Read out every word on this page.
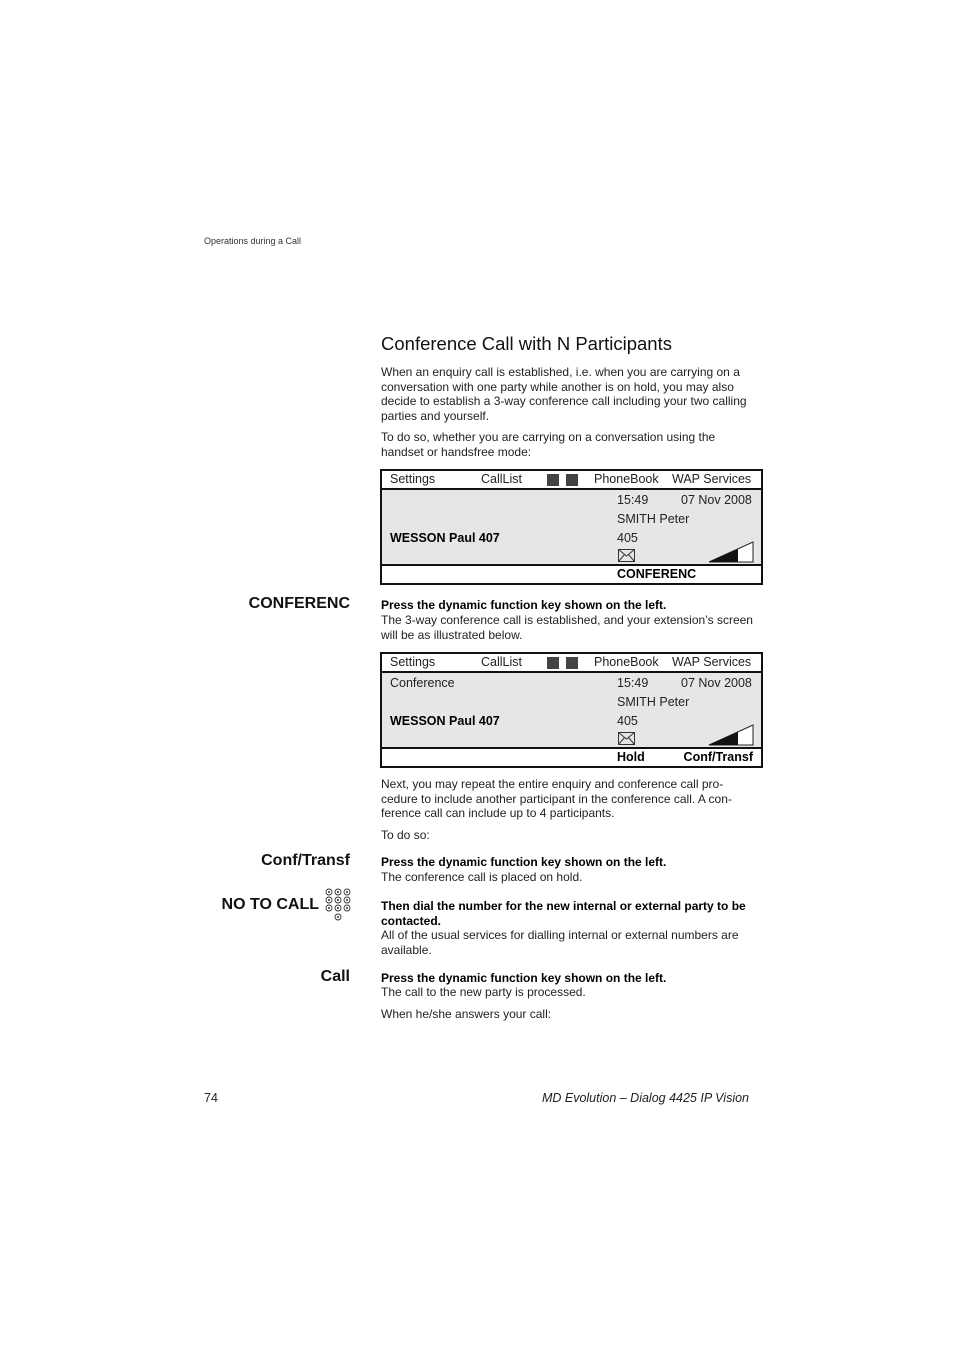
Operations during a Call
Conference Call with N Participants

When an enquiry call is established, i.e. when you are carrying on a conversation with one party while another is on hold, you may also decide to establish a 3-way conference call including your two calling parties and yourself.

To do so, whether you are carrying on a conversation using the handset or handsfree mode:

Settings	CallList	PhoneBook WAP Services
15:49	07 Nov 2008
SMITH Peter
WESSON Paul 407	405
CONFERENC
CONFERENC	Press the dynamic function key shown on the left.

The 3-way conference call is established, and your extension’s screen will be as illustrated below.

Settings	CallList	PhoneBook WAP Services
Conference	15:49	07 Nov 2008
SMITH Peter
WESSON Paul 407	405
Hold	Conf/Transf

Next, you may repeat the entire enquiry and conference call pro-cedure to include another participant in the conference call. A con-ference call can include up to 4 participants.

To do so:

Conf/Transf	Press the dynamic function key shown on the left.

The conference call is placed on hold.

NO TO CALL	Then dial the number for the new internal or external party to be contacted.

All of the usual services for dialling internal or external numbers are available.

Call	Press the dynamic function key shown on the left.

The call to the new party is processed.

When he/she answers your call:

74	MD Evolution – Dialog 4425 IP Vision
